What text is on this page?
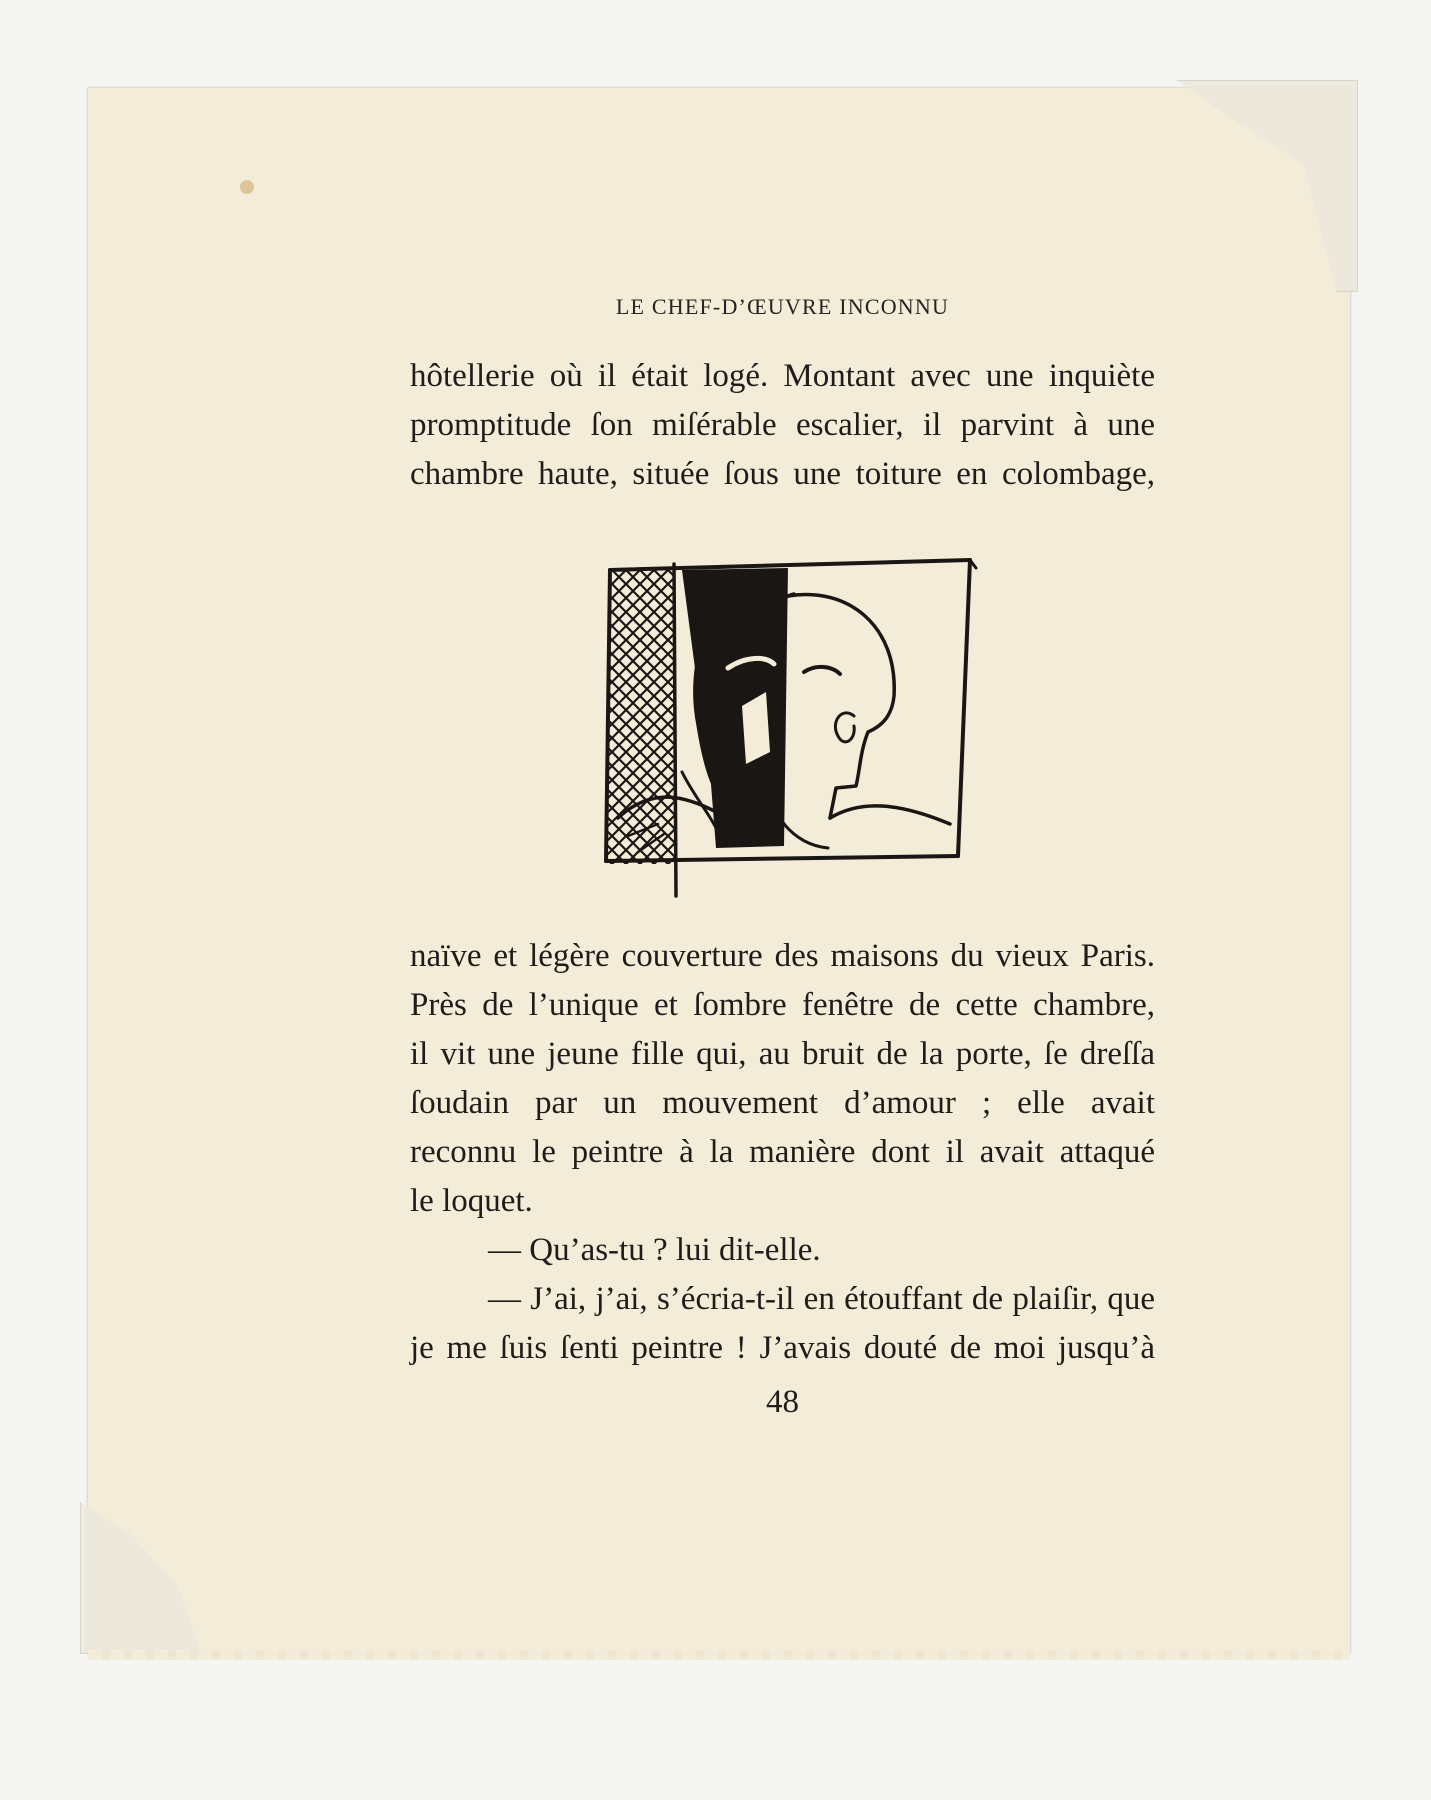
LE CHEF-D’ŒUVRE INCONNU
hôtellerie où il était logé. Montant avec une inquiète
promptitude ſon miſérable escalier, il parvint à une
chambre haute, située ſous une toiture en colombage,
naïve et légère couverture des maisons du vieux Paris.
Près de l’unique et ſombre fenêtre de cette chambre,
il vit une jeune fille qui, au bruit de la porte, ſe dreſſa
ſoudain par un mouvement d’amour ; elle avait
reconnu le peintre à la manière dont il avait attaqué
le loquet.
— Qu’as-tu ? lui dit-elle.
— J’ai, j’ai, s’écria-t-il en étouffant de plaiſir, que
je me ſuis ſenti peintre ! J’avais douté de moi jusqu’à
48
